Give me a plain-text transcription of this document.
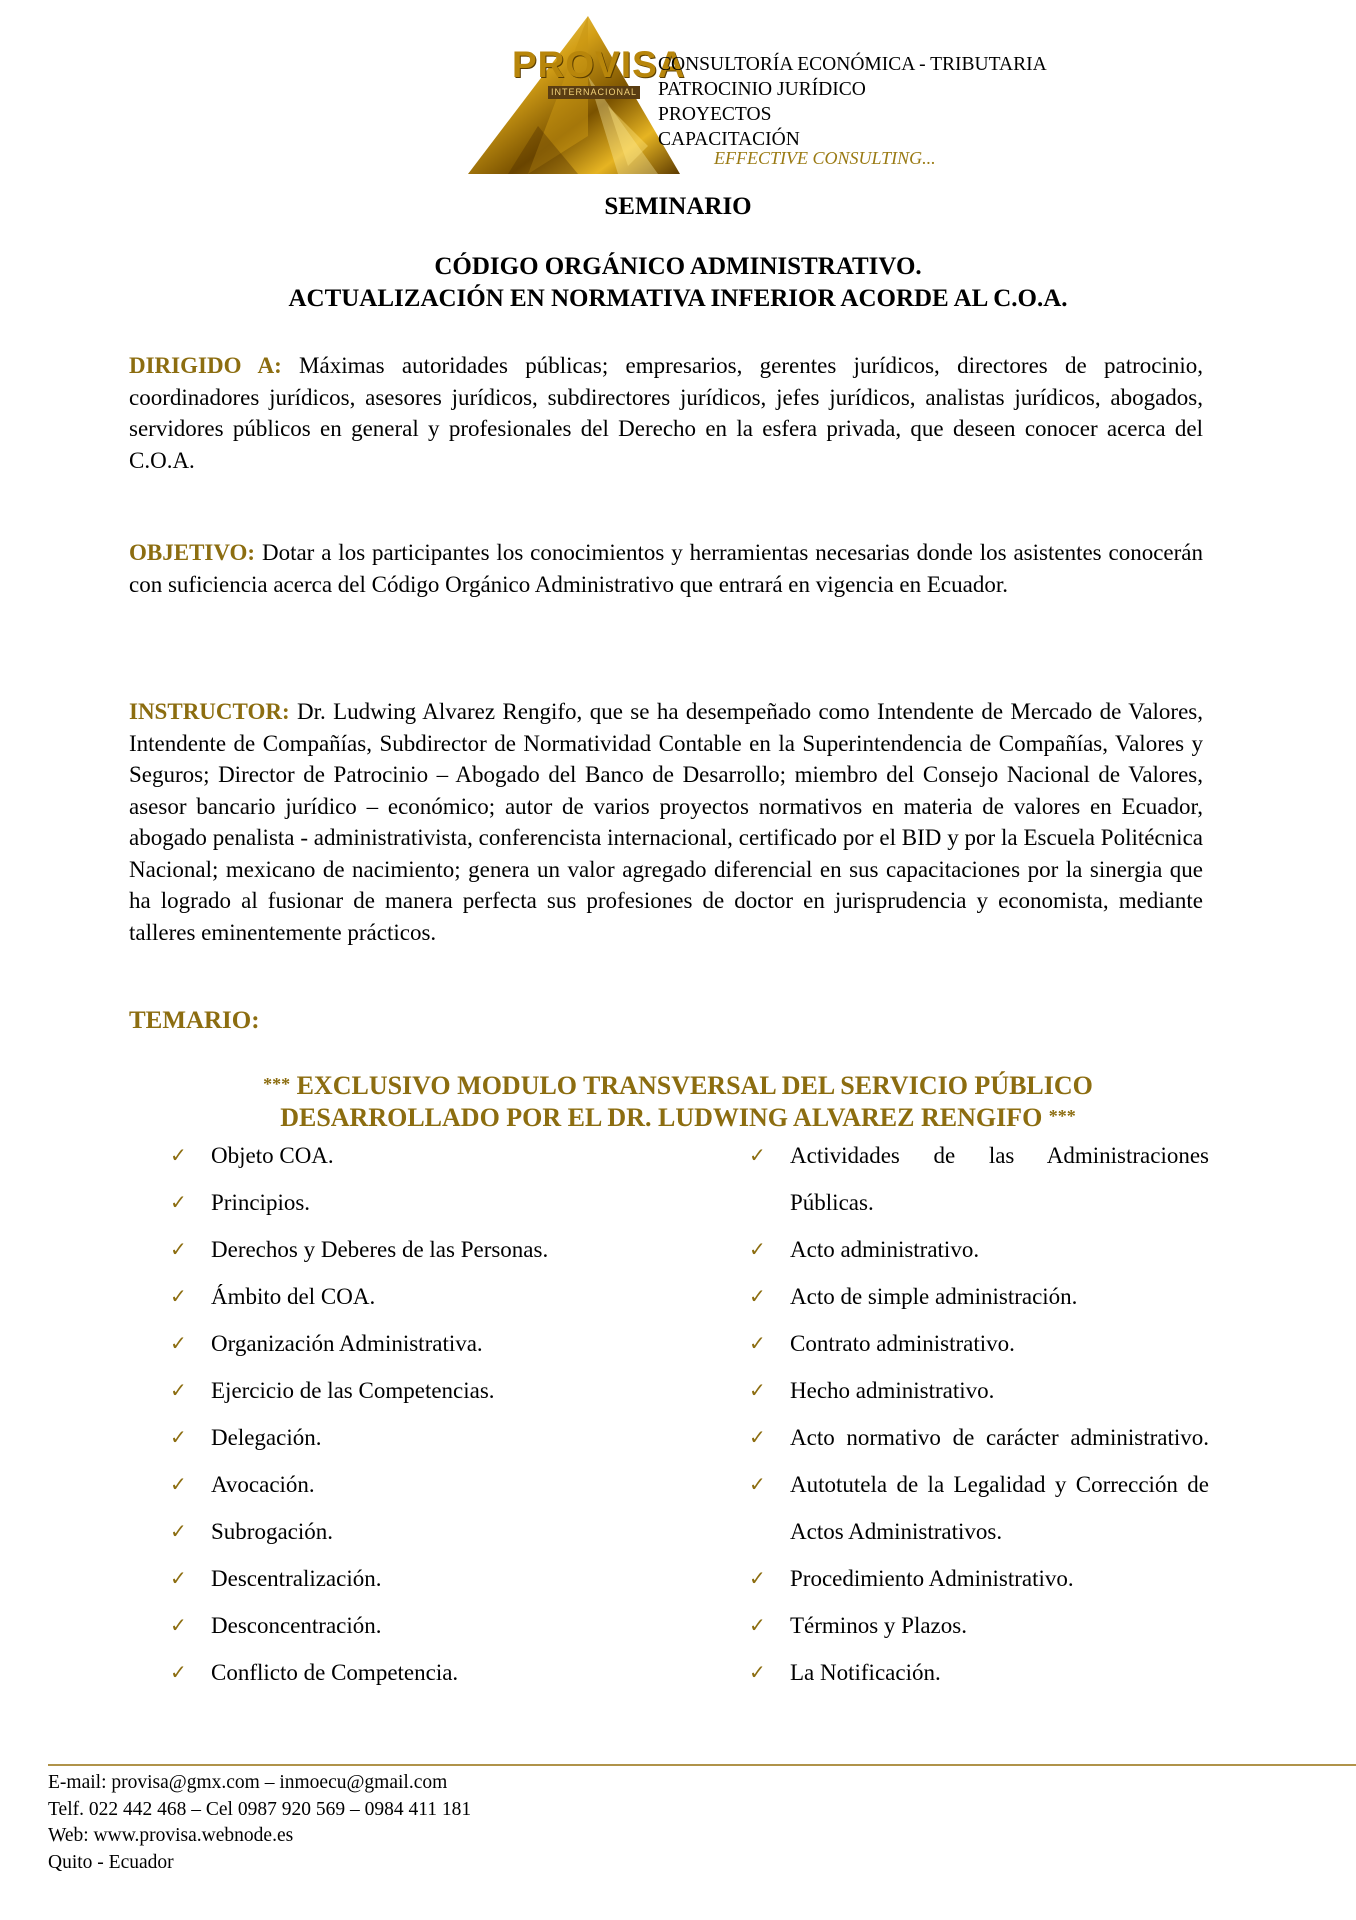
PROVISA
INTERNACIONAL
CONSULTORÍA ECONÓMICA - TRIBUTARIA
PATROCINIO JURÍDICO
PROYECTOS
CAPACITACIÓN
EFFECTIVE CONSULTING...
SEMINARIO
CÓDIGO ORGÁNICO ADMINISTRATIVO.
ACTUALIZACIÓN EN NORMATIVA INFERIOR ACORDE AL C.O.A.
DIRIGIDO A: Máximas autoridades públicas; empresarios, gerentes jurídicos, directores de patrocinio, coordinadores jurídicos, asesores jurídicos, subdirectores jurídicos, jefes jurídicos, analistas jurídicos, abogados, servidores públicos en general y profesionales del Derecho en la esfera privada, que deseen conocer acerca del C.O.A.
OBJETIVO: Dotar a los participantes los conocimientos y herramientas necesarias donde los asistentes conocerán con suficiencia acerca del Código Orgánico Administrativo que entrará en vigencia en Ecuador.
INSTRUCTOR: Dr. Ludwing Alvarez Rengifo, que se ha desempeñado como Intendente de Mercado de Valores, Intendente de Compañías, Subdirector de Normatividad Contable en la Superintendencia de Compañías, Valores y Seguros; Director de Patrocinio – Abogado del Banco de Desarrollo; miembro del Consejo Nacional de Valores, asesor bancario jurídico – económico; autor de varios proyectos normativos en materia de valores en Ecuador, abogado penalista - administrativista, conferencista internacional, certificado por el BID y por la Escuela Politécnica Nacional; mexicano de nacimiento; genera un valor agregado diferencial en sus capacitaciones por la sinergia que ha logrado al fusionar de manera perfecta sus profesiones de doctor en jurisprudencia y economista, mediante talleres eminentemente prácticos.
TEMARIO:
*** EXCLUSIVO MODULO TRANSVERSAL DEL SERVICIO PÚBLICO
DESARROLLADO POR EL DR. LUDWING ALVAREZ RENGIFO ***
✓ Objeto COA.
✓ Principios.
✓ Derechos y Deberes de las Personas.
✓ Ámbito del COA.
✓ Organización Administrativa.
✓ Ejercicio de las Competencias.
✓ Delegación.
✓ Avocación.
✓ Subrogación.
✓ Descentralización.
✓ Desconcentración.
✓ Conflicto de Competencia.
✓ Actividades de las Administraciones Públicas.
✓ Acto administrativo.
✓ Acto de simple administración.
✓ Contrato administrativo.
✓ Hecho administrativo.
✓ Acto normativo de carácter administrativo.
✓ Autotutela de la Legalidad y Corrección de Actos Administrativos.
✓ Procedimiento Administrativo.
✓ Términos y Plazos.
✓ La Notificación.
E-mail: provisa@gmx.com – inmoecu@gmail.com
Telf. 022 442 468 – Cel 0987 920 569 – 0984 411 181
Web: www.provisa.webnode.es
Quito - Ecuador
